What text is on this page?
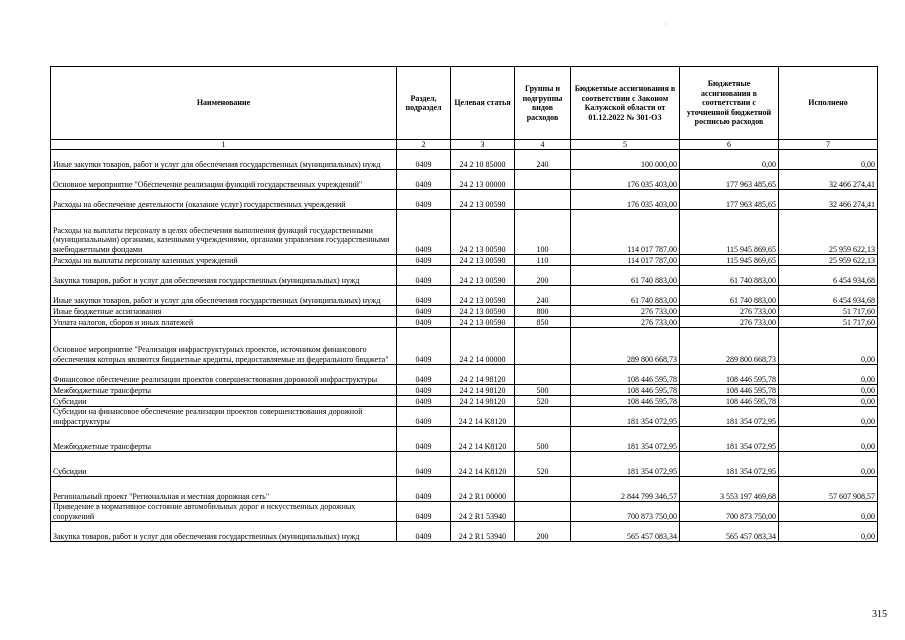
·
Наименование	Раздел, подраздел	Целевая статья	Группы и подгруппы видов расходов	Бюджетные ассигнования в соответствии с Законом Калужской области от 01.12.2022 № 301-ОЗ	Бюджетные ассигнования в соответствии с уточненной бюджетной росписью расходов	Исполнено
1	2	3	4	5	6	7
Иные закупки товаров, работ и услуг для обеспечения государственных (муниципальных) нужд	0409	24 2 10 85000	240	100 000,00	0,00	0,00
Основное мероприятие "Обеспечение реализации функций государственных учреждений"	0409	24 2 13 00000		176 035 403,00	177 963 485,65	32 466 274,41
Расходы на обеспечение деятельности (оказание услуг) государственных учреждений	0409	24 2 13 00590		176 035 403,00	177 963 485,65	32 466 274,41
Расходы на выплаты персоналу в целях обеспечения выполнения функций государственными (муниципальными) органами, казенными учреждениями, органами управления государственными внебюджетными фондами	0409	24 2 13 00590	100	114 017 787,00	115 945 869,65	25 959 622,13
Расходы на выплаты персоналу казенных учреждений	0409	24 2 13 00590	110	114 017 787,00	115 945 869,65	25 959 622,13
Закупка товаров, работ и услуг для обеспечения государственных (муниципальных) нужд	0409	24 2 13 00590	200	61 740 883,00	61 740 883,00	6 454 934,68
Иные закупки товаров, работ и услуг для обеспечения государственных (муниципальных) нужд	0409	24 2 13 00590	240	61 740 883,00	61 740 883,00	6 454 934,68
Иные бюджетные ассигнования	0409	24 2 13 00590	800	276 733,00	276 733,00	51 717,60
Уплата налогов, сборов и иных платежей	0409	24 2 13 00590	850	276 733,00	276 733,00	51 717,60
Основное мероприятие "Реализация инфраструктурных проектов, источником финансового обеспечения которых являются бюджетные кредиты, предоставляемые из федерального бюджета"	0409	24 2 14 00000		289 800 668,73	289 800 668,73	0,00
Финансовое обеспечение реализации проектов совершенствования дорожной инфраструктуры	0409	24 2 14 98120		108 446 595,78	108 446 595,78	0,00
Межбюджетные трансферты	0409	24 2 14 98120	500	108 446 595,78	108 446 595,78	0,00
Субсидии	0409	24 2 14 98120	520	108 446 595,78	108 446 595,78	0,00
Субсидии на финансовое обеспечение реализации проектов совершенствования дорожной инфраструктуры	0409	24 2 14 K8120		181 354 072,95	181 354 072,95	0,00
Межбюджетные трансферты	0409	24 2 14 K8120	500	181 354 072,95	181 354 072,95	0,00
Субсидии	0409	24 2 14 K8120	520	181 354 072,95	181 354 072,95	0,00
Региональный проект "Региональная и местная дорожная сеть"	0409	24 2 R1 00000		2 844 799 346,57	3 553 197 469,68	57 607 908,57
Приведение в нормативное состояние автомобильных дорог и искусственных дорожных сооружений	0409	24 2 R1 53940		700 873 750,00	700 873 750,00	0,00
Закупка товаров, работ и услуг для обеспечения государственных (муниципальных) нужд	0409	24 2 R1 53940	200	565 457 083,34	565 457 083,34	0,00
315
